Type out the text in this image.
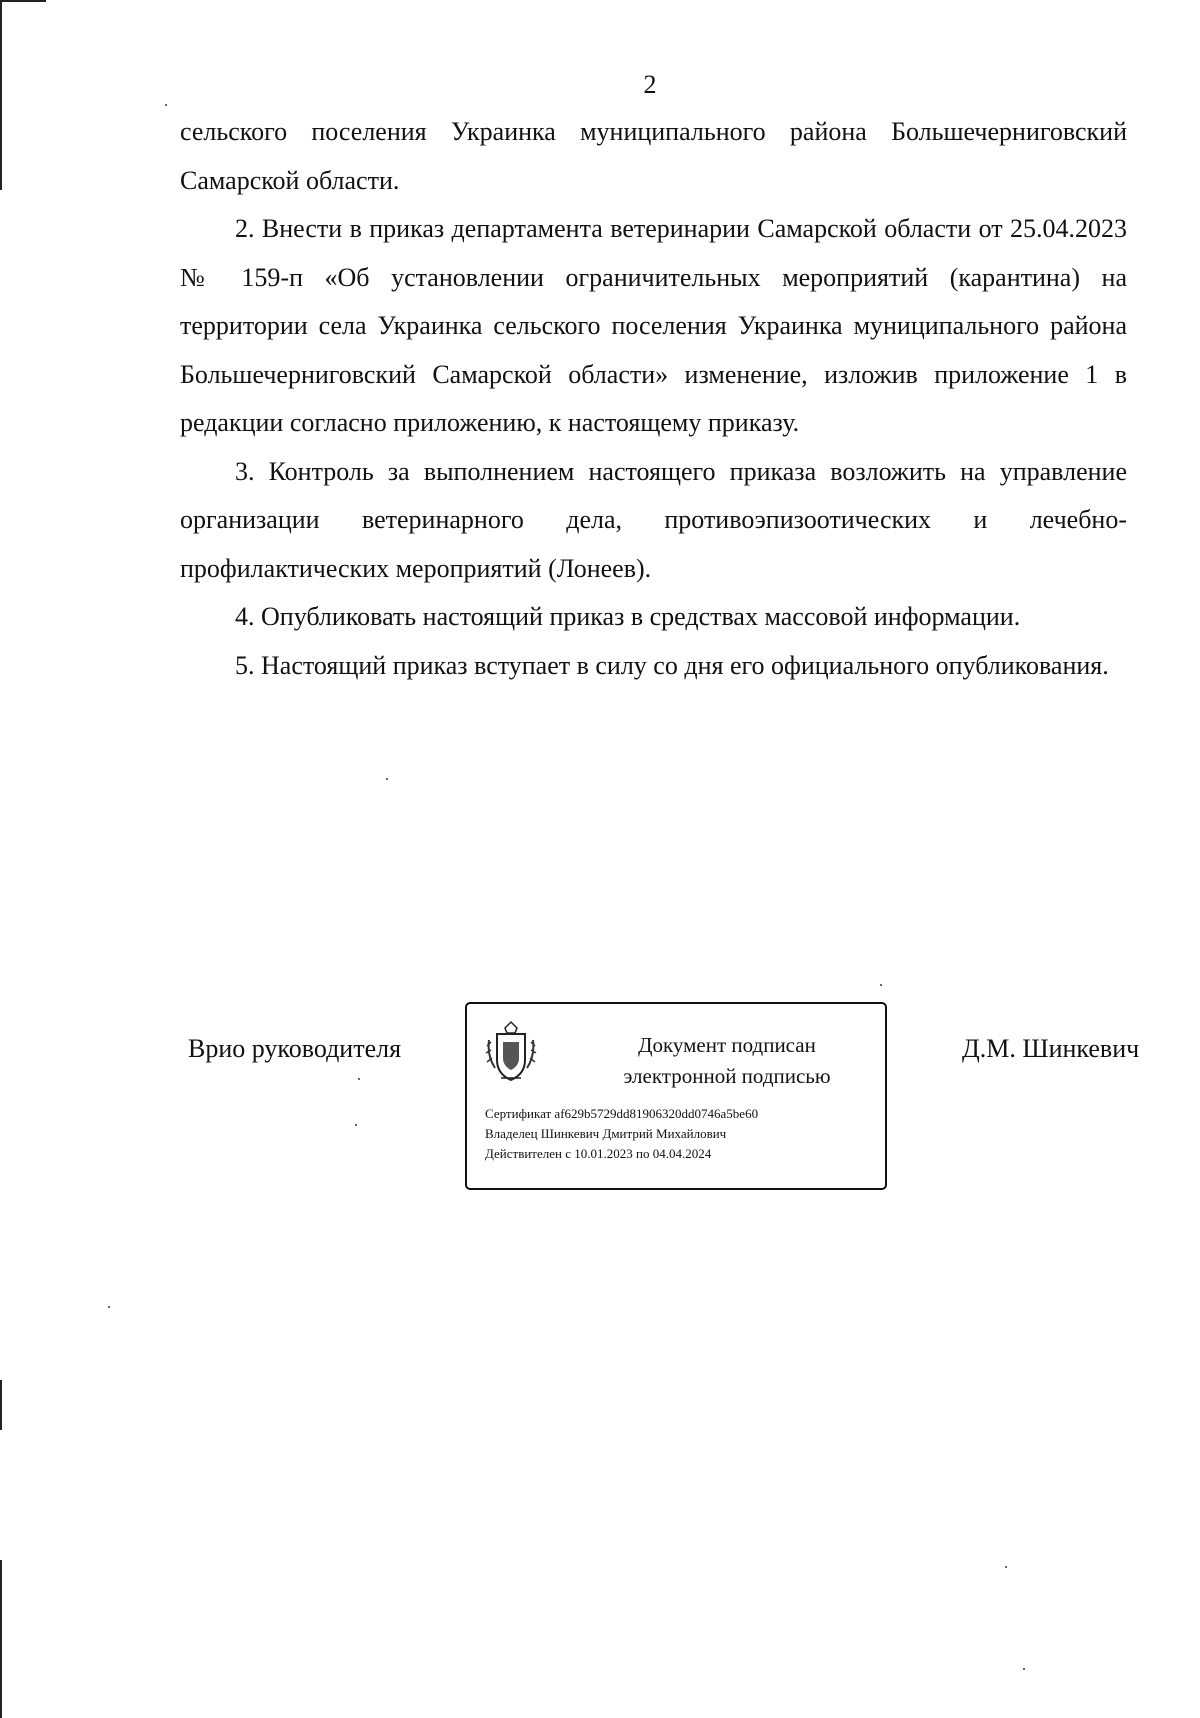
2

сельского поселения Украинка муниципального района Большечерниговский Самарской области.

2. Внести в приказ департамента ветеринарии Самарской области от 25.04.2023 № 159-п «Об установлении ограничительных мероприятий (карантина) на территории села Украинка сельского поселения Украинка муниципального района Большечерниговский Самарской области» изменение, изложив приложение 1 в редакции согласно приложению, к настоящему приказу.

3. Контроль за выполнением настоящего приказа возложить на управление организации ветеринарного дела, противоэпизоотических и лечебно-профилактических мероприятий (Лонеев).

4. Опубликовать настоящий приказ в средствах массовой информации.

5. Настоящий приказ вступает в силу со дня его официального опубликования.

Врио руководителя	Документ подписан
электронной подписью
Сертификат af629b5729dd81906320dd0746a5be60
Владелец Шинкевич Дмитрий Михайлович
Действителен с 10.01.2023 по 04.04.2024
Д.М. Шинкевич
